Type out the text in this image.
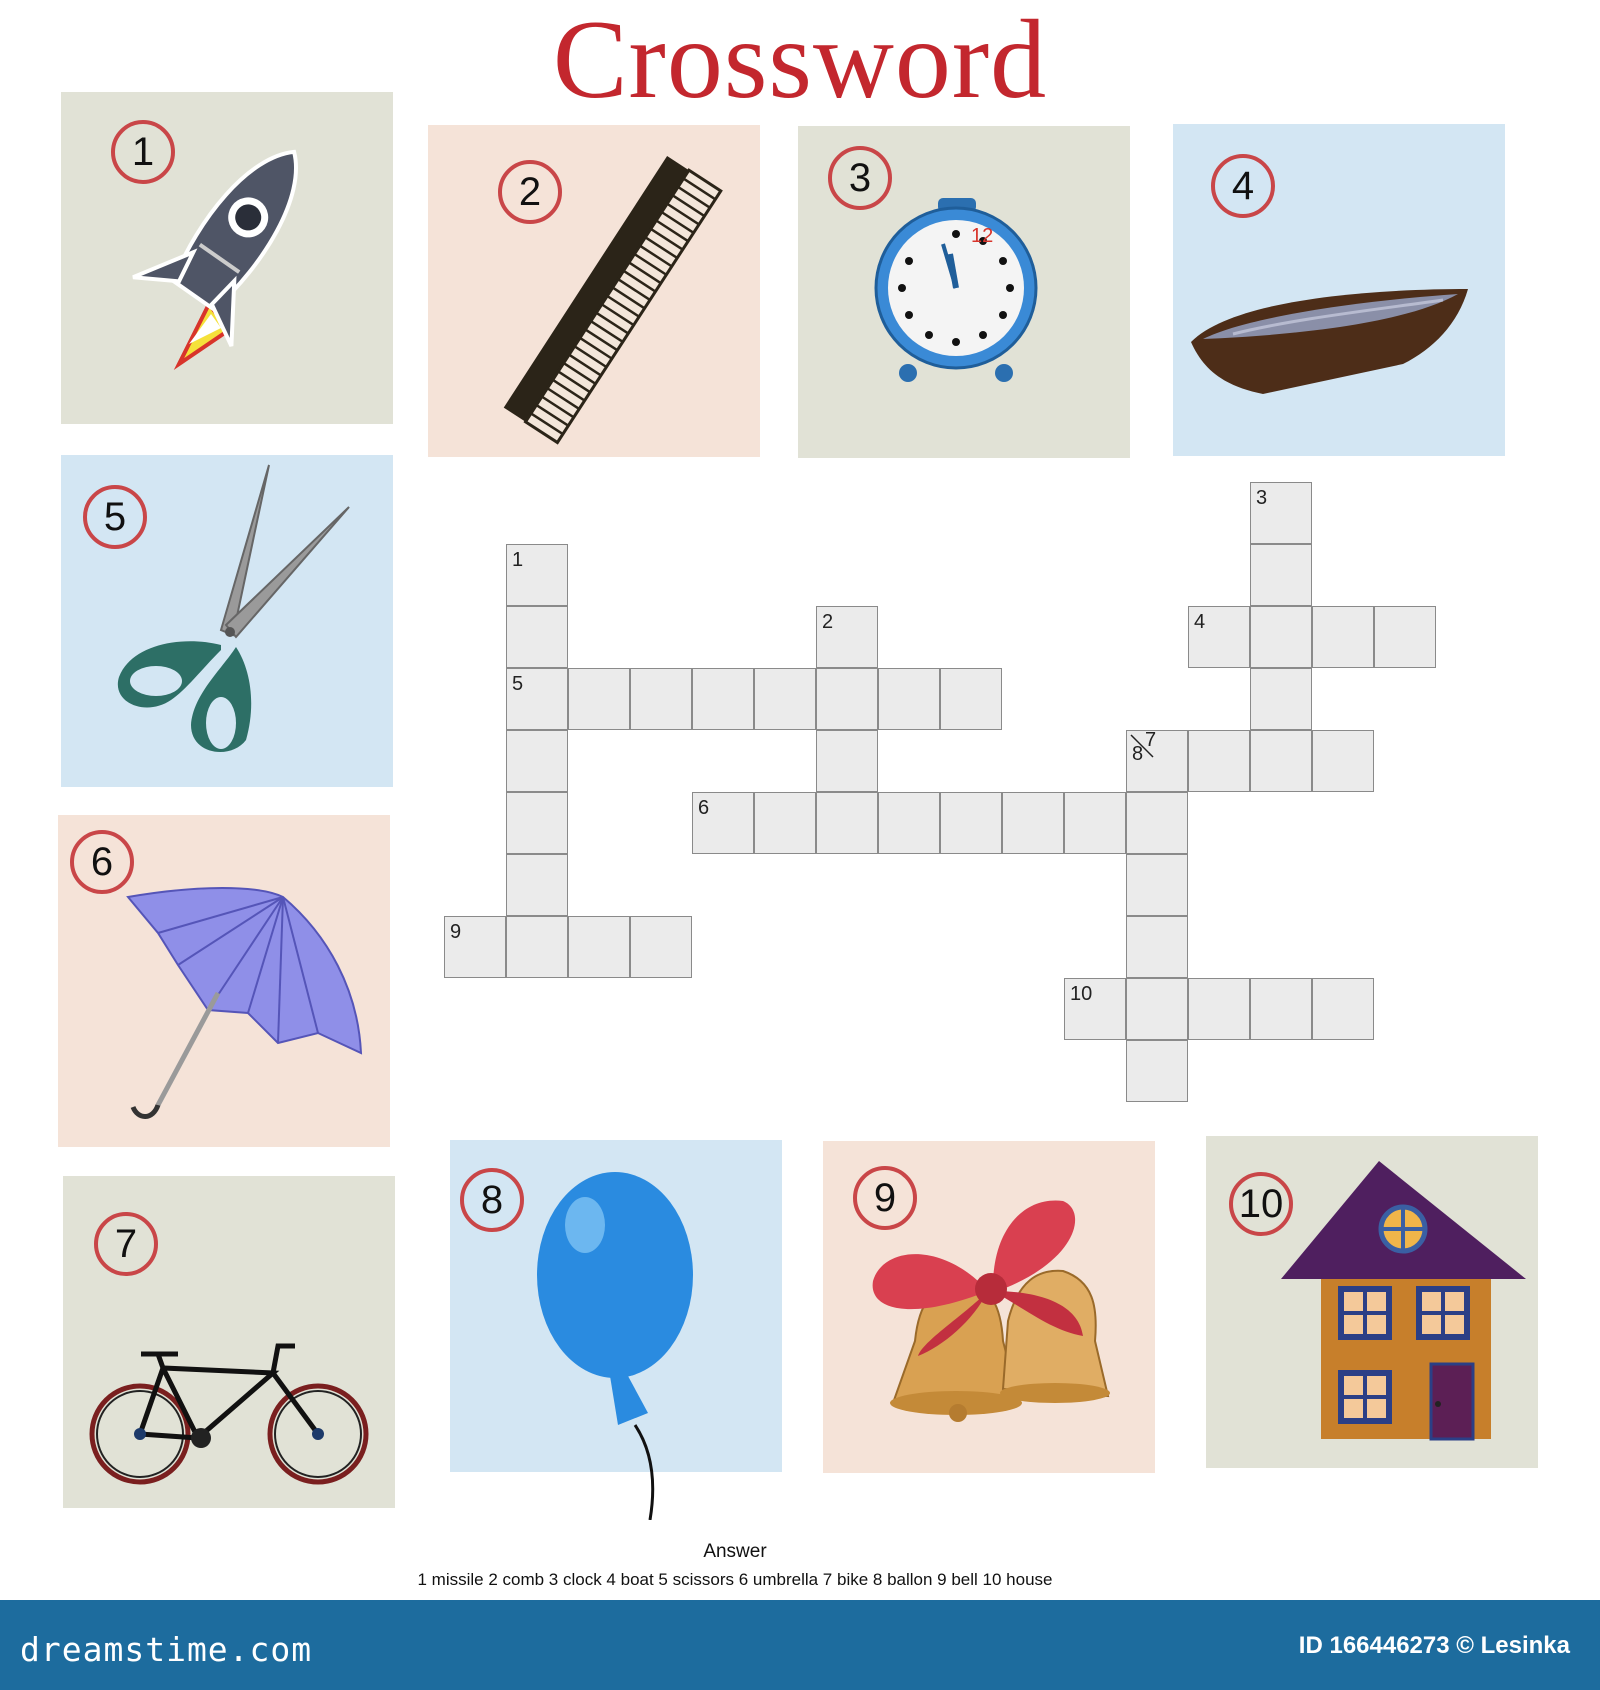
Crossword
1
2
12
3	4
5
6
7
8	9	10
1
5
2
6
3
4
8
7
9
10
Answer
1 missile 2 comb 3 clock 4 boat 5 scissors 6 umbrella 7 bike 8 ballon 9 bell 10 house
dreamstime.com	ID 166446273 © Lesinka
